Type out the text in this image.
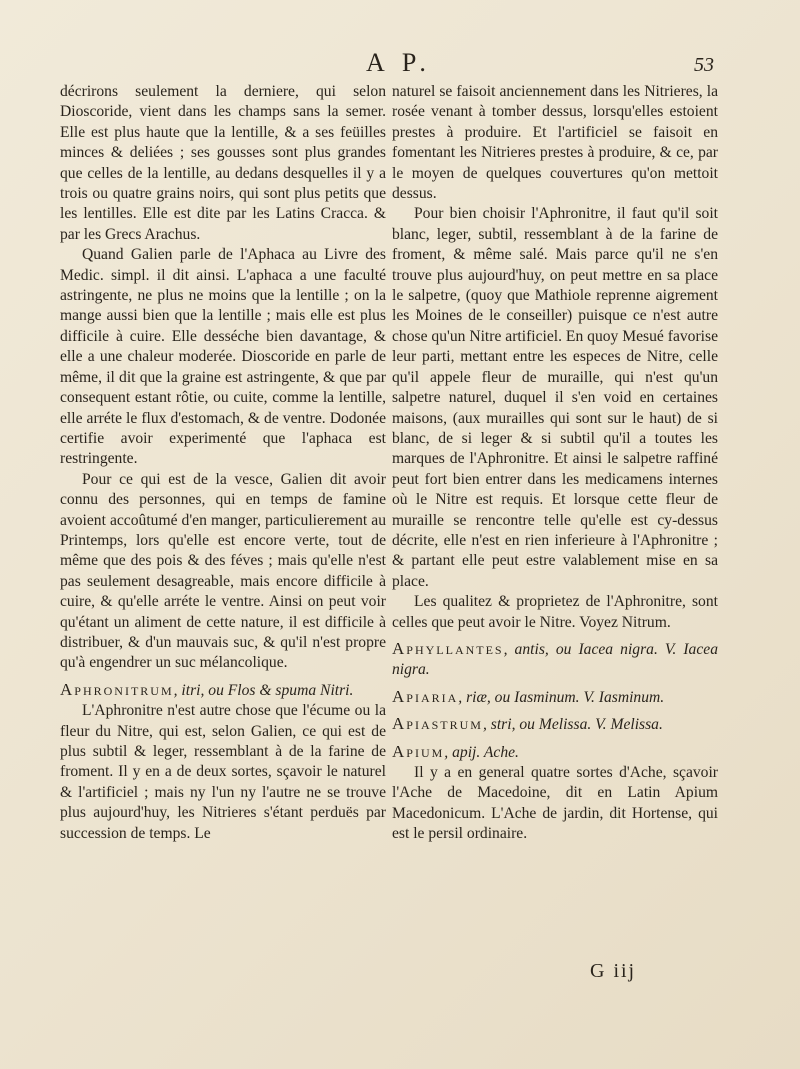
A P.	53

décrirons seulement la derniere, qui selon Dioscoride, vient dans les champs sans la semer. Elle est plus haute que la lentille, & a ses feüilles minces & deliées ; ses gousses sont plus grandes que celles de la lentille, au dedans desquelles il y a trois ou quatre grains noirs, qui sont plus petits que les lentilles. Elle est dite par les Latins Cracca. & par les Grecs Arachus.

Quand Galien parle de l'Aphaca au Livre des Medic. simpl. il dit ainsi. L'aphaca a une faculté astringente, ne plus ne moins que la lentille ; on la mange aussi bien que la lentille ; mais elle est plus difficile à cuire. Elle desséche bien davantage, & elle a une chaleur moderée. Dioscoride en parle de même, il dit que la graine est astringente, & que par consequent estant rôtie, ou cuite, comme la lentille, elle arréte le flux d'estomach, & de ventre. Dodonée certifie avoir experimenté que l'aphaca est restringente.

Pour ce qui est de la vesce, Galien dit avoir connu des personnes, qui en temps de famine avoient accoûtumé d'en manger, particulierement au Printemps, lors qu'elle est encore verte, tout de même que des pois & des féves ; mais qu'elle n'est pas seulement desagreable, mais encore difficile à cuire, & qu'elle arréte le ventre. Ainsi on peut voir qu'étant un aliment de cette nature, il est difficile à distribuer, & d'un mauvais suc, & qu'il n'est propre qu'à engendrer un suc mélancolique.

Aphronitrum, itri, ou Flos & spuma Nitri.

L'Aphronitre n'est autre chose que l'écume ou la fleur du Nitre, qui est, selon Galien, ce qui est de plus subtil & leger, ressemblant à de la farine de froment. Il y en a de deux sortes, sçavoir le naturel & l'artificiel ; mais ny l'un ny l'autre ne se trouve plus aujourd'huy, les Nitrieres s'étant perduës par succession de temps. Le

naturel se faisoit anciennement dans les Nitrieres, la rosée venant à tomber dessus, lorsqu'elles estoient prestes à produire. Et l'artificiel se faisoit en fomentant les Nitrieres prestes à produire, & ce, par le moyen de quelques couvertures qu'on mettoit dessus.

Pour bien choisir l'Aphronitre, il faut qu'il soit blanc, leger, subtil, ressemblant à de la farine de froment, & même salé. Mais parce qu'il ne s'en trouve plus aujourd'huy, on peut mettre en sa place le salpetre, (quoy que Mathiole reprenne aigrement les Moines de le conseiller) puisque ce n'est autre chose qu'un Nitre artificiel. En quoy Mesué favorise leur parti, mettant entre les especes de Nitre, celle qu'il appele fleur de muraille, qui n'est qu'un salpetre naturel, duquel il s'en void en certaines maisons, (aux murailles qui sont sur le haut) de si blanc, de si leger & si subtil qu'il a toutes les marques de l'Aphronitre. Et ainsi le salpetre raffiné peut fort bien entrer dans les medicamens internes où le Nitre est requis. Et lorsque cette fleur de muraille se rencontre telle qu'elle est cy-dessus décrite, elle n'est en rien inferieure à l'Aphronitre ; & partant elle peut estre valablement mise en sa place.

Les qualitez & proprietez de l'Aphronitre, sont celles que peut avoir le Nitre. Voyez Nitrum.

Aphyllantes, antis, ou Iacea nigra. V. Iacea nigra.

Apiaria, riæ, ou Iasminum. V. Iasminum.

Apiastrum, stri, ou Melissa. V. Melissa.

Apium, apij. Ache.

Il y a en general quatre sortes d'Ache, sçavoir l'Ache de Macedoine, dit en Latin Apium Macedonicum. L'Ache de jardin, dit Hortense, qui est le persil ordinaire.

G iij
